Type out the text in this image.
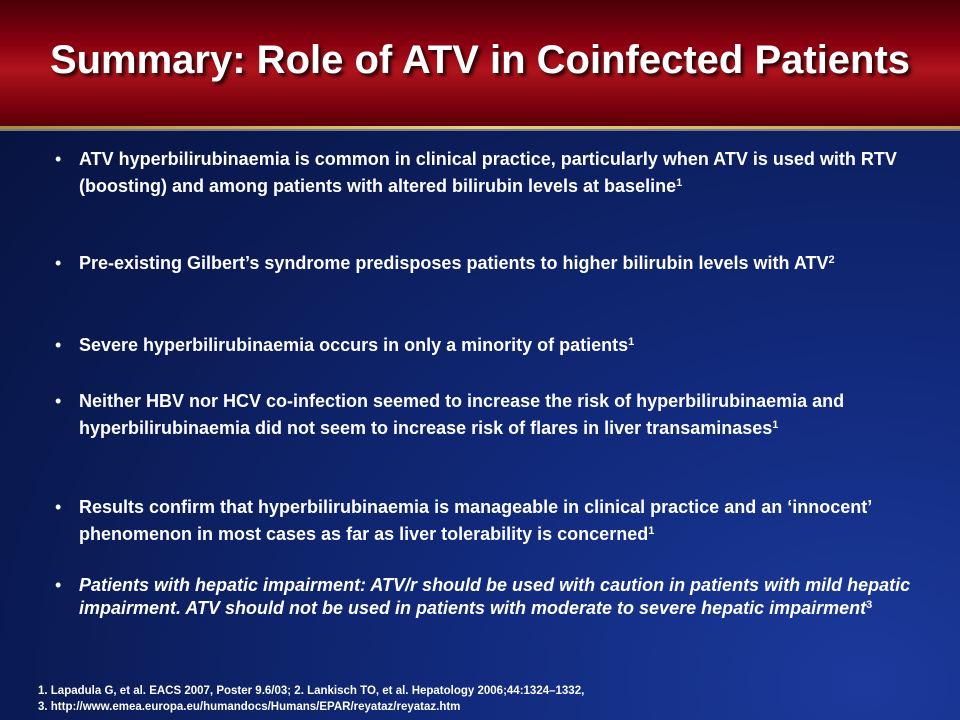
Summary: Role of ATV in Coinfected Patients
• ATV hyperbilirubinaemia is common in clinical practice, particularly when ATV is used with RTV (boosting) and among patients with altered bilirubin levels at baseline$^1$
• Pre-existing Gilbert’s syndrome predisposes patients to higher bilirubin levels with ATV$^2$
• Severe hyperbilirubinaemia occurs in only a minority of patients$^1$
• Neither HBV nor HCV co-infection seemed to increase the risk of hyperbilirubinaemia and hyperbilirubinaemia did not seem to increase risk of flares in liver transaminases$^1$
• Results confirm that hyperbilirubinaemia is manageable in clinical practice and an ‘innocent’ phenomenon in most cases as far as liver tolerability is concerned$^1$
• Patients with hepatic impairment: ATV/r should be used with caution in patients with mild hepatic impairment. ATV should not be used in patients with moderate to severe hepatic impairment$^3$
1. Lapadula G, et al. EACS 2007, Poster 9.6/03; 2. Lankisch TO, et al. Hepatology 2006;44:1324–1332,
3. http://www.emea.europa.eu/humandocs/Humans/EPAR/reyataz/reyataz.htm
